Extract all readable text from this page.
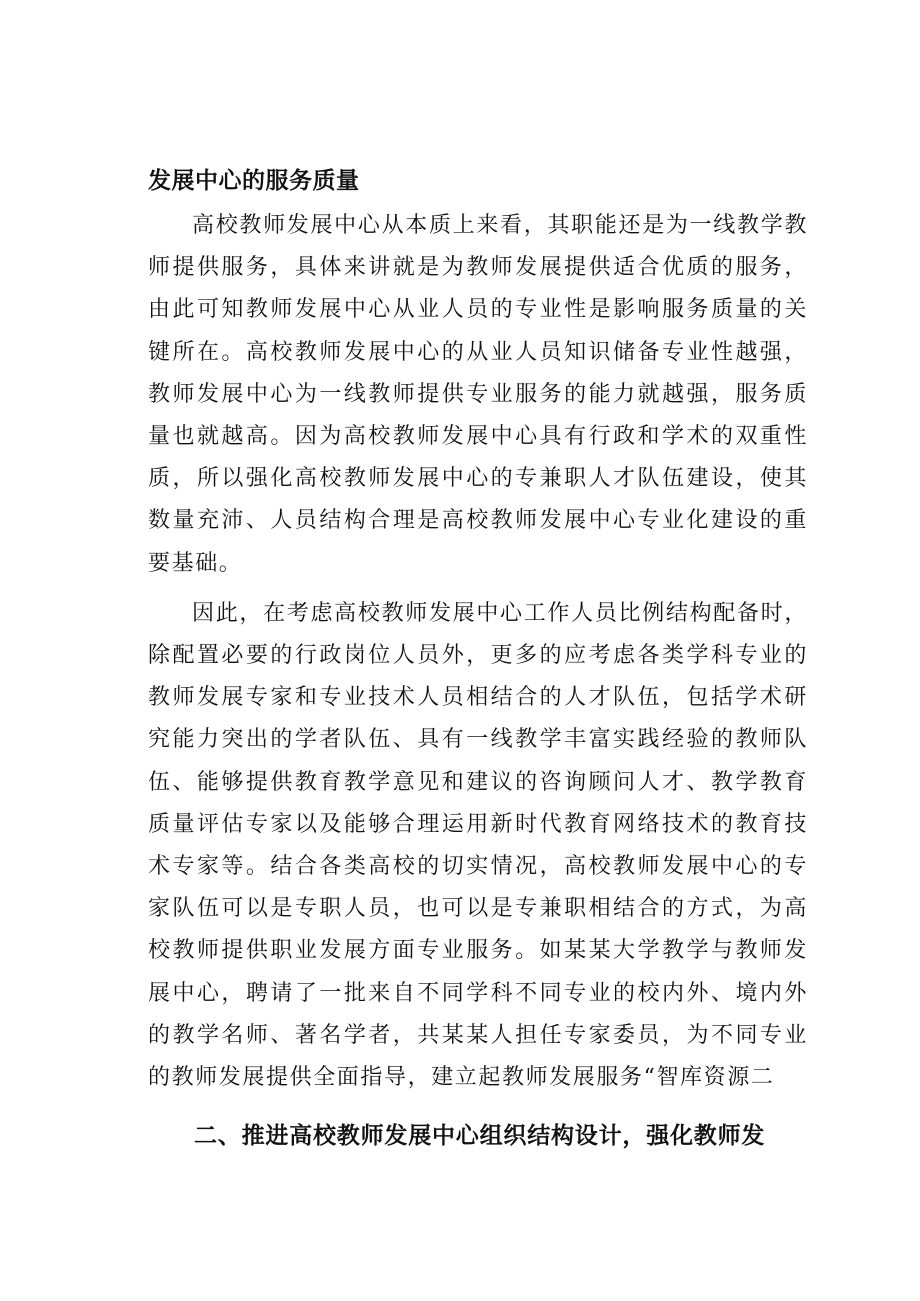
发展中心的服务质量

高校教师发展中心从本质上来看，其职能还是为一线教学教师提供服务，具体来讲就是为教师发展提供适合优质的服务，由此可知教师发展中心从业人员的专业性是影响服务质量的关键所在。高校教师发展中心的从业人员知识储备专业性越强，教师发展中心为一线教师提供专业服务的能力就越强，服务质量也就越高。因为高校教师发展中心具有行政和学术的双重性质，所以强化高校教师发展中心的专兼职人才队伍建设，使其数量充沛、人员结构合理是高校教师发展中心专业化建设的重要基础。

因此，在考虑高校教师发展中心工作人员比例结构配备时，除配置必要的行政岗位人员外，更多的应考虑各类学科专业的教师发展专家和专业技术人员相结合的人才队伍，包括学术研究能力突出的学者队伍、具有一线教学丰富实践经验的教师队伍、能够提供教育教学意见和建议的咨询顾问人才、教学教育质量评估专家以及能够合理运用新时代教育网络技术的教育技术专家等。结合各类高校的切实情况，高校教师发展中心的专家队伍可以是专职人员，也可以是专兼职相结合的方式，为高校教师提供职业发展方面专业服务。如某某大学教学与教师发展中心，聘请了一批来自不同学科不同专业的校内外、境内外的教学名师、著名学者，共某某人担任专家委员，为不同专业的教师发展提供全面指导，建立起教师发展服务“智库资源二

二、推进高校教师发展中心组织结构设计，强化教师发
